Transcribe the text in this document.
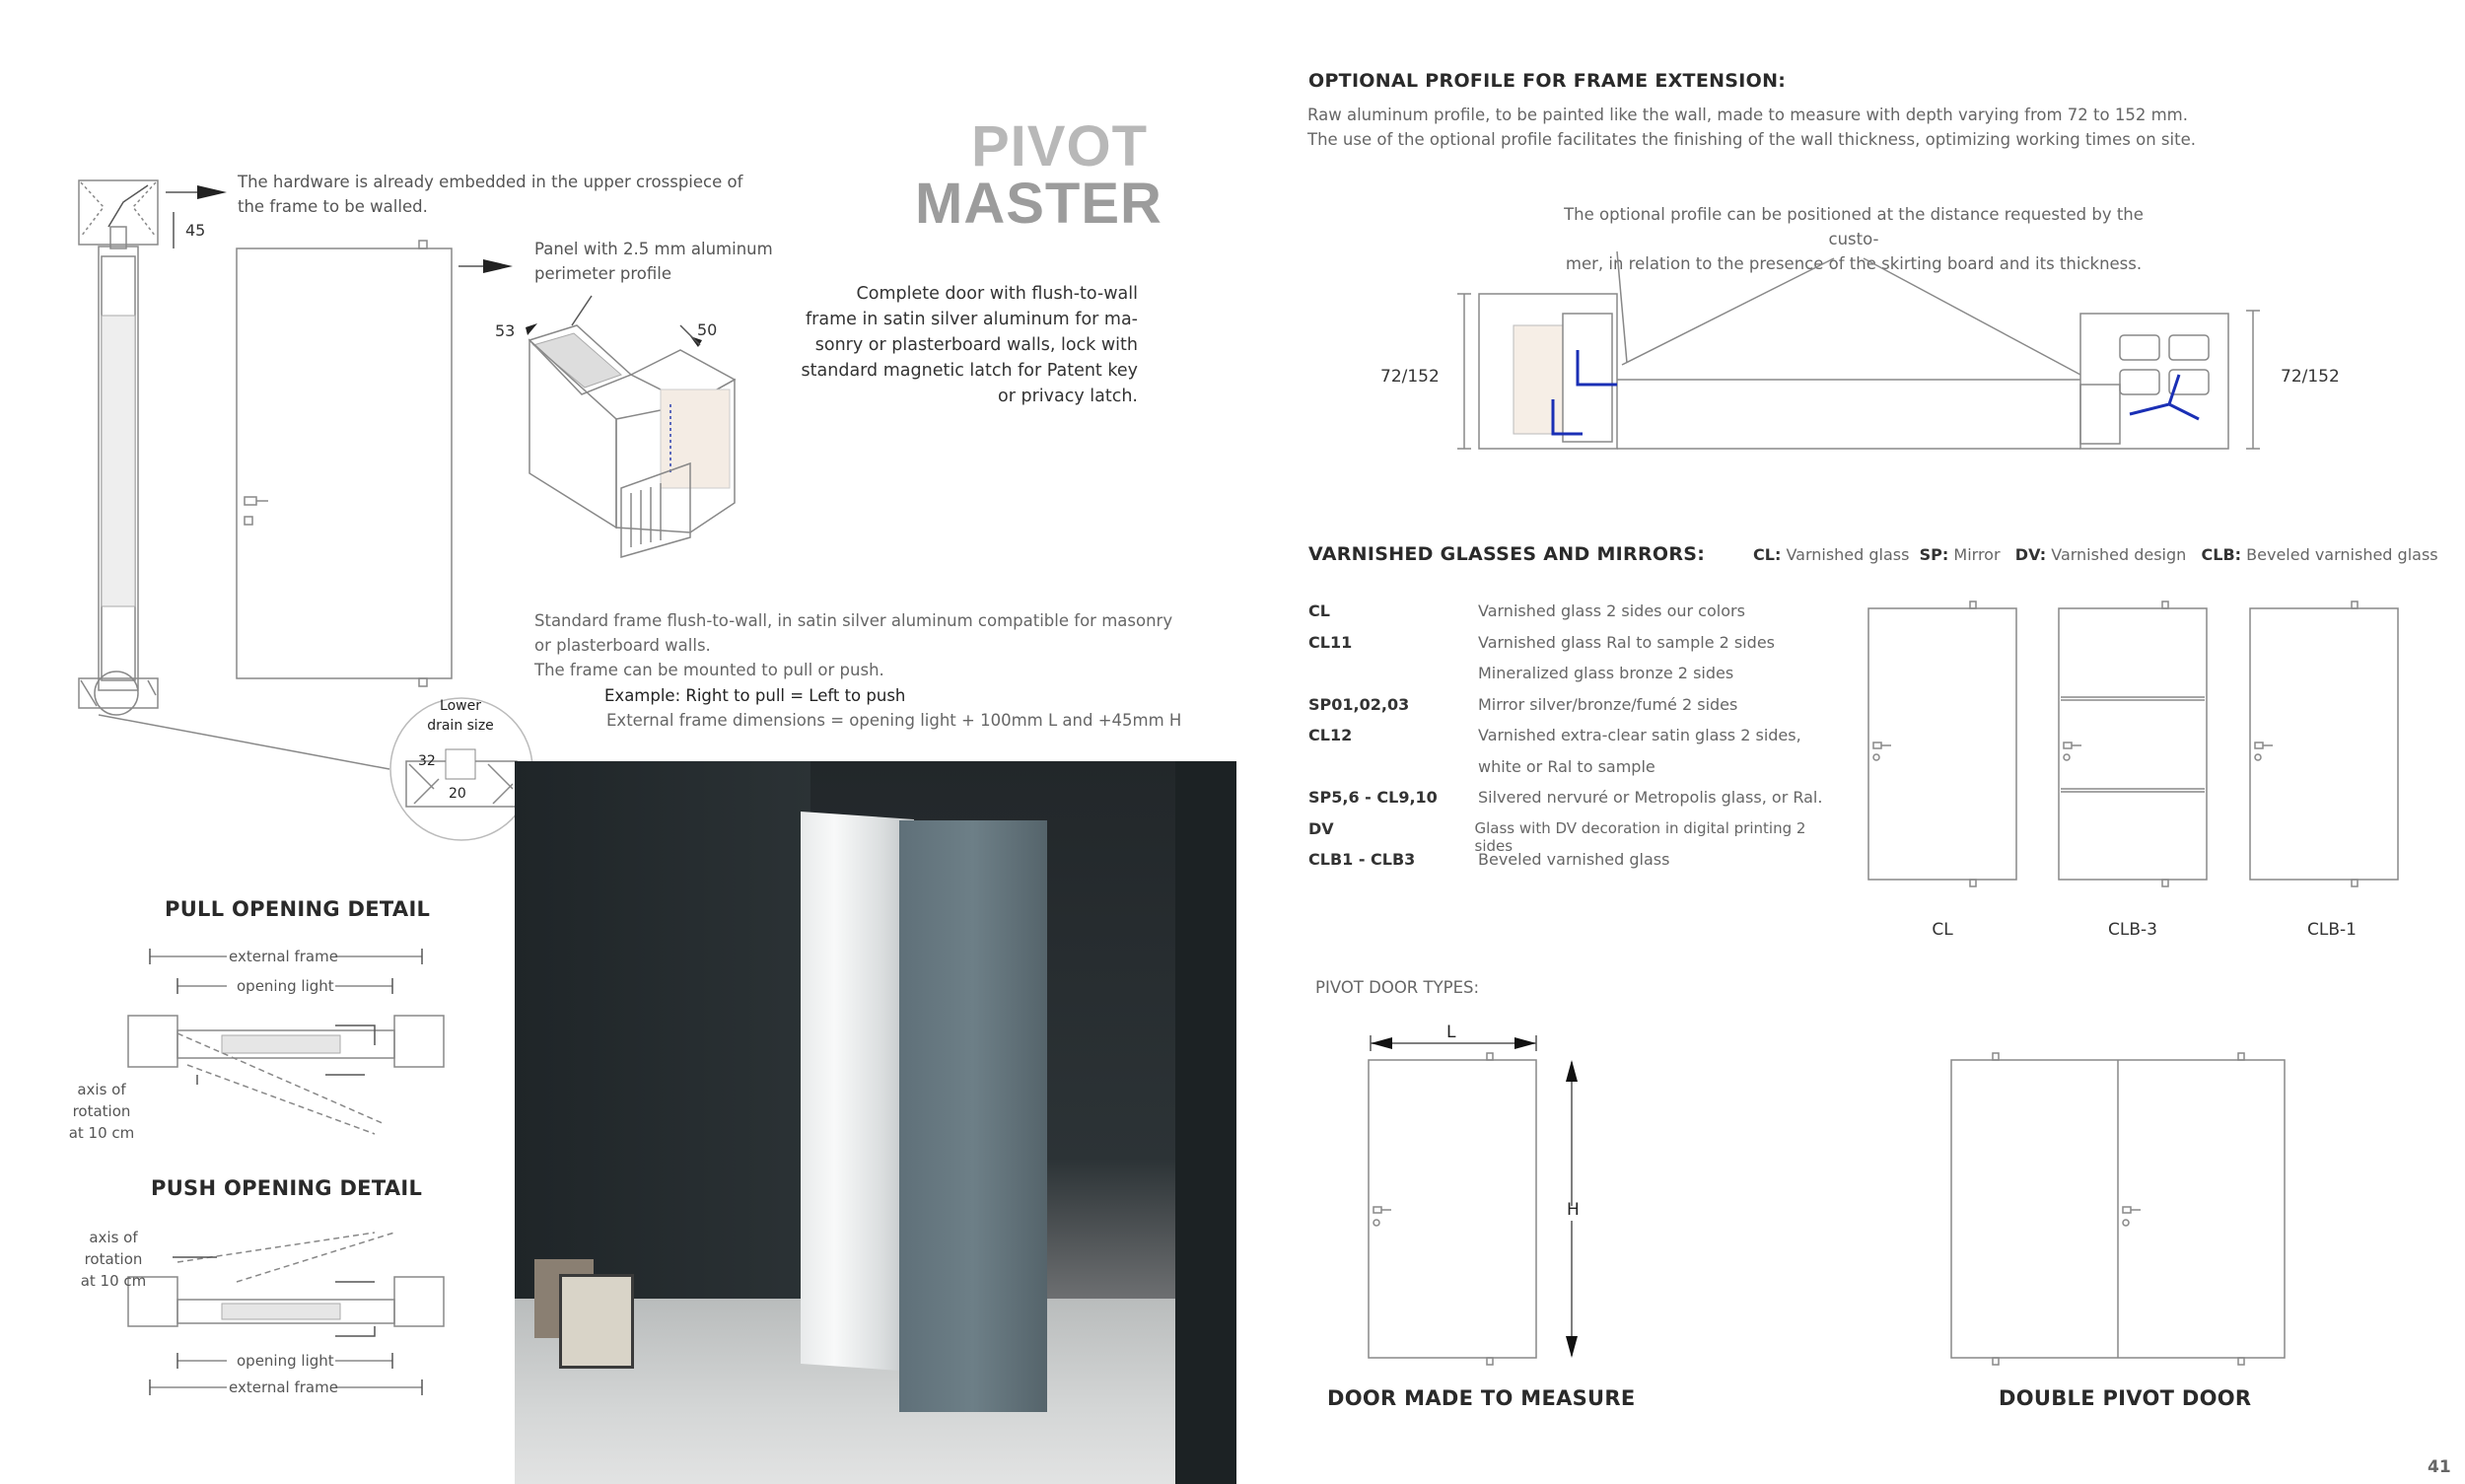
PIVOT
MASTER
Complete door with flush-to-wall
frame in satin silver aluminum for ma-
sonry or plasterboard walls, lock with
standard magnetic latch for Patent key
or privacy latch.
The hardware is already embedded in the upper crosspiece of
the frame to be walled.
45
Panel with 2.5 mm aluminum
perimeter profile
53	50
Standard frame flush-to-wall, in satin silver aluminum compatible for masonry
or plasterboard walls.
The frame can be mounted to pull or push.
Example: Right to pull = Left to push
External frame dimensions = opening light + 100mm L and +45mm H
Lower
drain size
32
20
PULL OPENING DETAIL
PUSH OPENING DETAIL
external frame
opening light
axis of rotation
at 10 cm
axis of rotation
at 10 cm
opening light
external frame
OPTIONAL PROFILE FOR FRAME EXTENSION:
Raw aluminum profile, to be painted like the wall, made to measure with depth varying from 72 to 152 mm.
The use of the optional profile facilitates the finishing of the wall thickness, optimizing working times on site.
The optional profile can be positioned at the distance requested by the custo-
mer, in relation to the presence of the skirting board and its thickness.
72/152	72/152
VARNISHED GLASSES AND MIRRORS:	CL: Varnished glass SP: Mirror DV: Varnished design CLB: Beveled varnished glass
CL	Varnished glass 2 sides our colors
CL11	Varnished glass Ral to sample 2 sides
Mineralized glass bronze 2 sides
SP01,02,03	Mirror silver/bronze/fumé 2 sides
CL12	Varnished extra-clear satin glass 2 sides,
white or Ral to sample
SP5,6 - CL9,10	Silvered nervuré or Metropolis glass, or Ral.
DV	Glass with DV decoration in digital printing 2 sides
CLB1 - CLB3	Beveled varnished glass
CL	CLB-3	CLB-1
PIVOT DOOR TYPES:
L
H
DOOR MADE TO MEASURE	DOUBLE PIVOT DOOR
41
